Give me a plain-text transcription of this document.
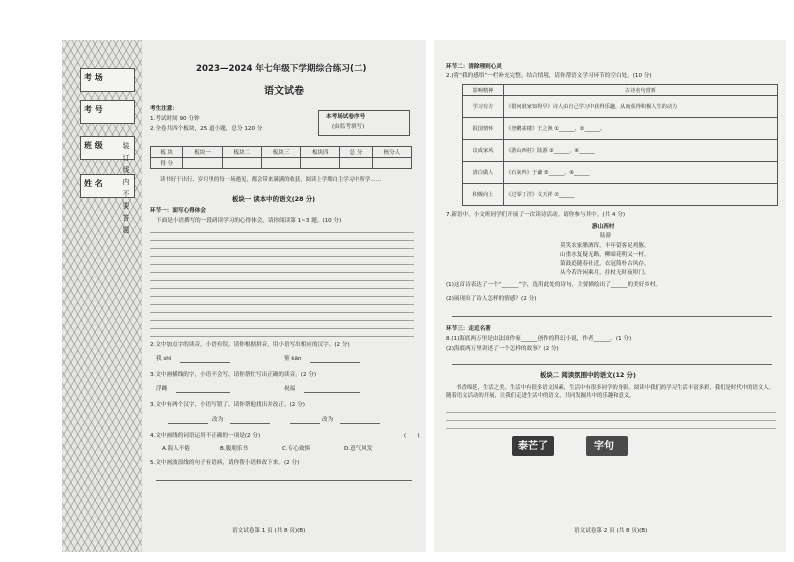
考 场
考 号
班 级
姓 名
装订线内不要答题
2023—2024 年七年级下学期综合练习(二)
语文试卷
考生注意：
1.考试时间 90 分钟
2.全卷共四个板块，25 道小题，总分 120 分
本考场试卷序号
(由监考填写)
板 块	板块一	板块二	板块三	板块四	总 分	核分人
得 分						
读书好于出行，岁月里的每一场遇见，都会带来满满的收获。阅读上学期自主学习中所学……
板块一 读本中的语文(28 分)
环节一：面写心得体会
下面是小语撰写的一段研读学习的心得体会，请你阅读第 1~3 题。(10 分)
2.文中加点字的读音，小语有误。请你根据拼音，用小语写出相应的汉字。(2 分)
我 shì	鉴 kān
3.文中画横线的字，小语不会写，请你帮忙写出正确的读音。(2 分)
浮躁	祝福
3.文中有两个汉字，小语写错了。请你帮他找出并改正。(2 分)
改为	改为
4.文中画线的词语运用不正确的一项是(2 分)	(　　)
A.海人不倦	B.腹朋乐书	C.专心致惧	D.意气风发
5.文中画波浪线的句子有语病，请你帮小语修改下来。(2 分)
语文试卷第 1 页 (共 8 页)(B)
环节二：清除理则心灵
2.(将“我的感悟”一栏补充完整。结合情境，请你帮语文学习环节的空白处。(10 分)
影响精神	古诗名句赏析
学习有方	《借问谁家知得早》诗人由自己学习中获得乐趣，从而获得积极人生的动力
报国情怀	《登鹳雀楼》王之涣 ①______，②______。
议成家风	《游山西村》陆游 ③______，④______
清白做人	《石灰吟》于谦 ⑤______，⑥______
积极向上	《过零丁洋》文天祥 ⑦______
7.新语中，小文班同学们开展了一次读诗活动。请你参与其中。(共 4 分)
游山西村
陆游
莫笑农家腊酒浑，丰年留客足鸡豚。
山重水复疑无路，柳暗花明又一村。
箫鼓追随春社近，衣冠简朴古风存。
从今若许闲乘月，拄杖无时夜叩门。
(1)这首诗表达了一个“______”字，选用此处的诗句，主要描绘出了______的美好乡村。
(2)展现出了诗人怎样的情感？(2 分)
环节三：走近名著
8.(1)海底两万里是由法国作家______创作的科幻小说，作者______。(1 分)
(2)海底两万里讲述了一个怎样的故事？(2 分)
板块二 阅读氛围中的语文(12 分)
书香绵延，生活之美。生活中有很多语文因素，生活中有很多同学的身影。阅读中我们的学习生活丰富多彩，我们是时代中的语文人。随着语文活动的开展，让我们走进生活中的语文，共同发掘其中的乐趣和意义。
泰芒了	字句
语文试卷第 2 页 (共 8 页)(B)
